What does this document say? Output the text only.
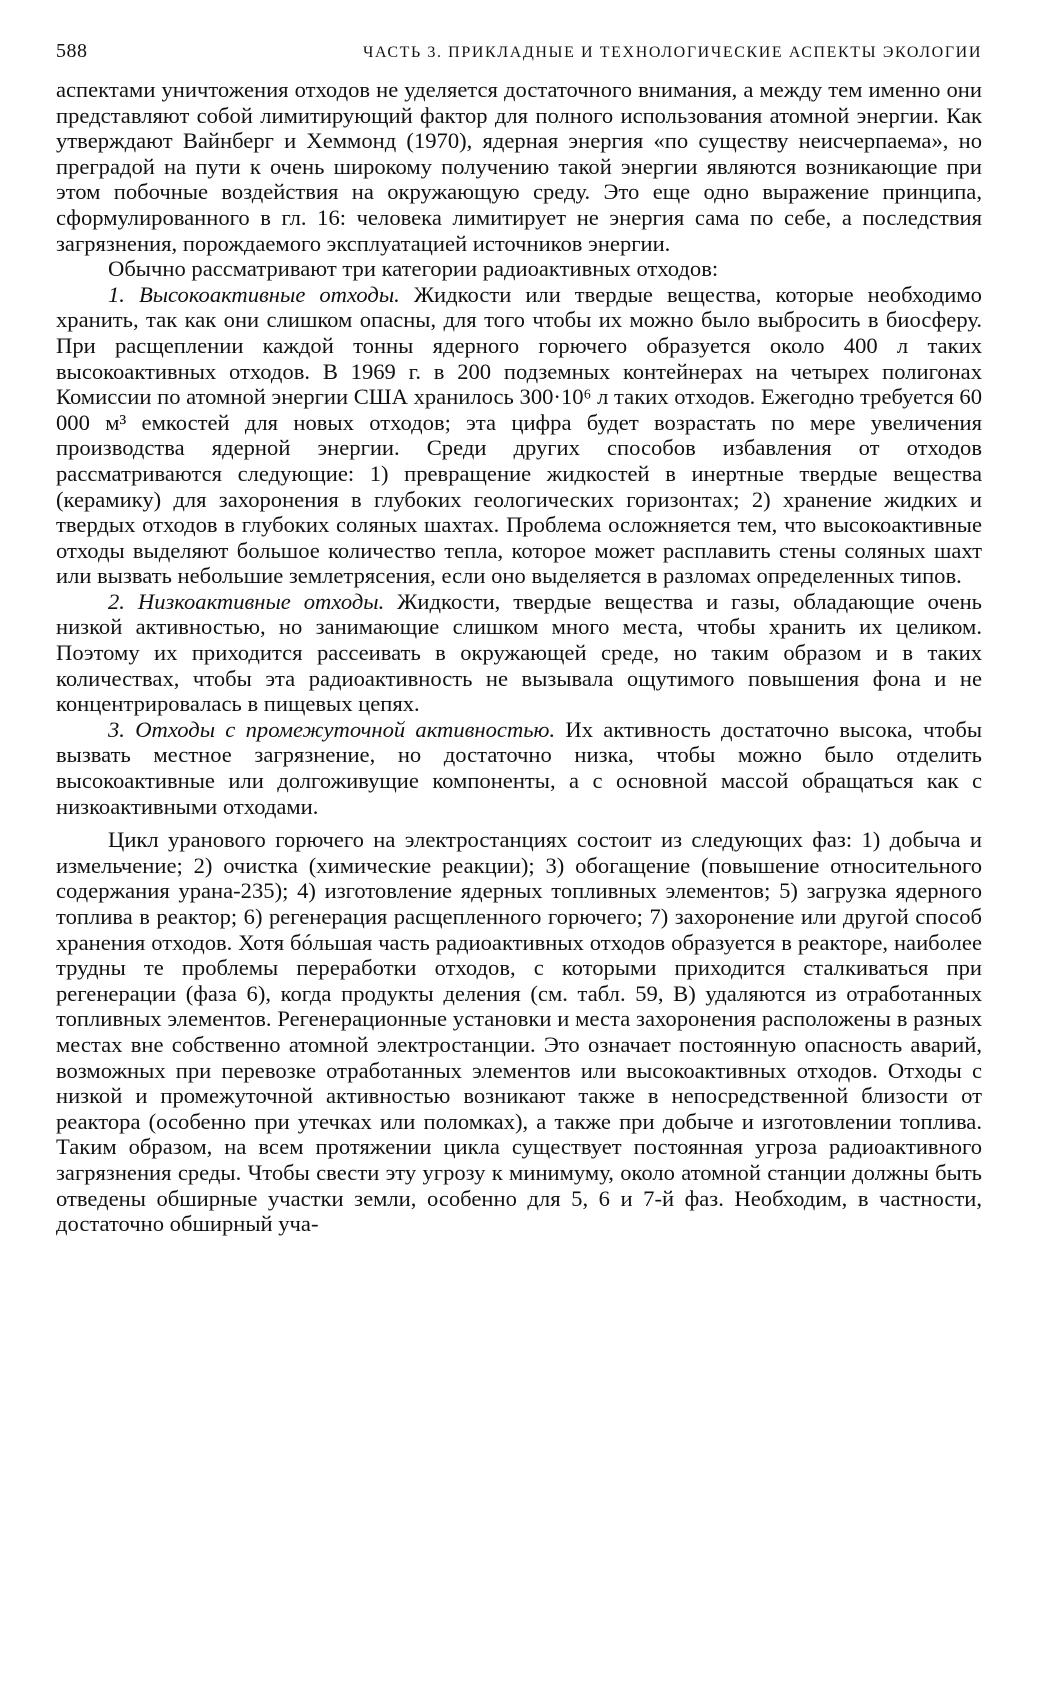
588	ЧАСТЬ 3. ПРИКЛАДНЫЕ И ТЕХНОЛОГИЧЕСКИЕ АСПЕКТЫ ЭКОЛОГИИ

аспектами уничтожения отходов не уделяется достаточного внимания, а между тем именно они представляют собой лимитирующий фактор для полного использования атомной энергии. Как утверждают Вайнберг и Хеммонд (1970), ядерная энергия «по существу неисчерпаема», но преградой на пути к очень широкому получению такой энергии являются возникающие при этом побочные воздействия на окружающую среду. Это еще одно выражение принципа, сформулированного в гл. 16: человека лимитирует не энергия сама по себе, а последствия загрязнения, порождаемого эксплуатацией источников энергии.

Обычно рассматривают три категории радиоактивных отходов:

1. Высокоактивные отходы. Жидкости или твердые вещества, которые необходимо хранить, так как они слишком опасны, для того чтобы их можно было выбросить в биосферу. При расщеплении каждой тонны ядерного горючего образуется около 400 л таких высокоактивных отходов. В 1969 г. в 200 подземных контейнерах на четырех полигонах Комиссии по атомной энергии США хранилось 300·10⁶ л таких отходов. Ежегодно требуется 60 000 м³ емкостей для новых отходов; эта цифра будет возрастать по мере увеличения производства ядерной энергии. Среди других способов избавления от отходов рассматриваются следующие: 1) превращение жидкостей в инертные твердые вещества (керамику) для захоронения в глубоких геологических горизонтах; 2) хранение жидких и твердых отходов в глубоких соляных шахтах. Проблема осложняется тем, что высокоактивные отходы выделяют большое количество тепла, которое может расплавить стены соляных шахт или вызвать небольшие землетрясения, если оно выделяется в разломах определенных типов.

2. Низкоактивные отходы. Жидкости, твердые вещества и газы, обладающие очень низкой активностью, но занимающие слишком много места, чтобы хранить их целиком. Поэтому их приходится рассеивать в окружающей среде, но таким образом и в таких количествах, чтобы эта радиоактивность не вызывала ощутимого повышения фона и не концентрировалась в пищевых цепях.

3. Отходы с промежуточной активностью. Их активность достаточно высока, чтобы вызвать местное загрязнение, но достаточно низка, чтобы можно было отделить высокоактивные или долгоживущие компоненты, а с основной массой обращаться как с низкоактивными отходами.

Цикл уранового горючего на электростанциях состоит из следующих фаз: 1) добыча и измельчение; 2) очистка (химические реакции); 3) обогащение (повышение относительного содержания урана-235); 4) изготовление ядерных топливных элементов; 5) загрузка ядерного топлива в реактор; 6) регенерация расщепленного горючего; 7) захоронение или другой способ хранения отходов. Хотя бóльшая часть радиоактивных отходов образуется в реакторе, наиболее трудны те проблемы переработки отходов, с которыми приходится сталкиваться при регенерации (фаза 6), когда продукты деления (см. табл. 59, В) удаляются из отработанных топливных элементов. Регенерационные установки и места захоронения расположены в разных местах вне собственно атомной электростанции. Это означает постоянную опасность аварий, возможных при перевозке отработанных элементов или высокоактивных отходов. Отходы с низкой и промежуточной активностью возникают также в непосредственной близости от реактора (особенно при утечках или поломках), а также при добыче и изготовлении топлива. Таким образом, на всем протяжении цикла существует постоянная угроза радиоактивного загрязнения среды. Чтобы свести эту угрозу к минимуму, около атомной станции должны быть отведены обширные участки земли, особенно для 5, 6 и 7-й фаз. Необходим, в частности, достаточно обширный уча-
